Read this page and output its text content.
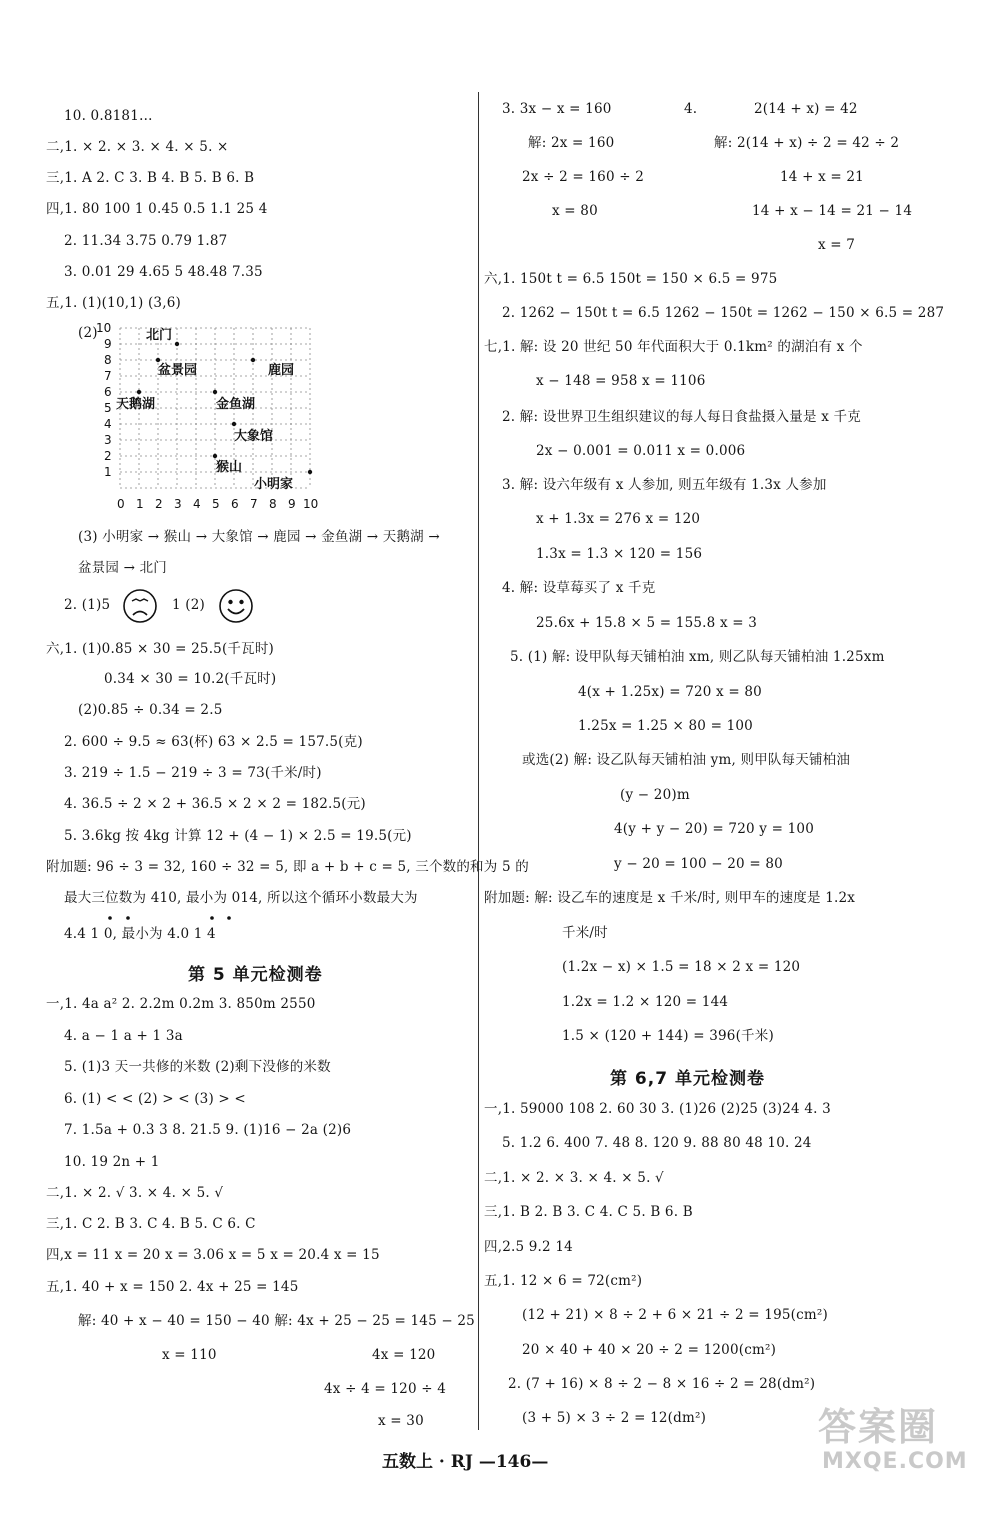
10. 0.8181…
二,1. × 2. × 3. × 4. × 5. ×
三,1. A 2. C 3. B 4. B 5. B 6. B
四,1. 80 100 1 0.45 0.5 1.1 25 4
2. 11.34 3.75 0.79 1.87
3. 0.01 29 4.65 5 48.48 7.35
五,1. (1)(10,1) (3,6)
(2)
(3) 小明家 → 猴山 → 大象馆 → 鹿园 → 金鱼湖 → 天鹅湖 →
盆景园 → 北门
2. (1)5	1 (2)
六,1. (1)0.85 × 30 = 25.5(千瓦时)
0.34 × 30 = 10.2(千瓦时)
(2)0.85 ÷ 0.34 = 2.5
2. 600 ÷ 9.5 ≈ 63(杯) 63 × 2.5 = 157.5(克)
3. 219 ÷ 1.5 − 219 ÷ 3 = 73(千米/时)
4. 36.5 ÷ 2 × 2 + 36.5 × 2 × 2 = 182.5(元)
5. 3.6kg 按 4kg 计算 12 + (4 − 1) × 2.5 = 19.5(元)
附加题: 96 ÷ 3 = 32, 160 ÷ 32 = 5, 即 a + b + c = 5, 三个数的和为 5 的
最大三位数为 410, 最小为 014, 所以这个循环小数最大为
4.4 1 0, 最小为 4.0 1 4
一,1. 4a a² 2. 2.2m 0.2m 3. 850m 2550
4. a − 1 a + 1 3a
5. (1)3 天一共修的米数 (2)剩下没修的米数
6. (1) < < (2) > < (3) > <
7. 1.5a + 0.3 3 8. 21.5 9. (1)16 − 2a (2)6
10. 19 2n + 1
二,1. × 2. √ 3. × 4. × 5. √
三,1. C 2. B 3. C 4. B 5. C 6. C
四,x = 11 x = 20 x = 3.06 x = 5 x = 20.4 x = 15
五,1. 40 + x = 150 2. 4x + 25 = 145
解: 40 + x − 40 = 150 − 40 解: 4x + 25 − 25 = 145 − 25
x = 110	4x = 120
4x ÷ 4 = 120 ÷ 4
x = 30
3. 3x − x = 160	4.	2(14 + x) = 42
解: 2x = 160	解: 2(14 + x) ÷ 2 = 42 ÷ 2
2x ÷ 2 = 160 ÷ 2	14 + x = 21
x = 80	14 + x − 14 = 21 − 14
x = 7
六,1. 150t t = 6.5 150t = 150 × 6.5 = 975
2. 1262 − 150t t = 6.5 1262 − 150t = 1262 − 150 × 6.5 = 287
七,1. 解: 设 20 世纪 50 年代面积大于 0.1km² 的湖泊有 x 个
x − 148 = 958 x = 1106
2. 解: 设世界卫生组织建议的每人每日食盐摄入量是 x 千克
2x − 0.001 = 0.011 x = 0.006
3. 解: 设六年级有 x 人参加, 则五年级有 1.3x 人参加
x + 1.3x = 276 x = 120
1.3x = 1.3 × 120 = 156
4. 解: 设草莓买了 x 千克
25.6x + 15.8 × 5 = 155.8 x = 3
5. (1) 解: 设甲队每天铺柏油 xm, 则乙队每天铺柏油 1.25xm
4(x + 1.25x) = 720 x = 80
1.25x = 1.25 × 80 = 100
或选(2) 解: 设乙队每天铺柏油 ym, 则甲队每天铺柏油
(y − 20)m
4(y + y − 20) = 720 y = 100
y − 20 = 100 − 20 = 80
附加题: 解: 设乙车的速度是 x 千米/时, 则甲车的速度是 1.2x
千米/时
(1.2x − x) × 1.5 = 18 × 2 x = 120
1.2x = 1.2 × 120 = 144
1.5 × (120 + 144) = 396(千米)
一,1. 59000 108 2. 60 30 3. (1)26 (2)25 (3)24 4. 3
5. 1.2 6. 400 7. 48 8. 120 9. 88 80 48 10. 24
二,1. × 2. × 3. × 4. × 5. √
三,1. B 2. B 3. C 4. C 5. B 6. B
四,2.5 9.2 14
五,1. 12 × 6 = 72(cm²)
(12 + 21) × 8 ÷ 2 + 6 × 21 ÷ 2 = 195(cm²)
20 × 40 + 40 × 20 ÷ 2 = 1200(cm²)
2. (7 + 16) × 8 ÷ 2 − 8 × 16 ÷ 2 = 28(dm²)
(3 + 5) × 3 ÷ 2 = 12(dm²)
第 5 单元检测卷
第 6,7 单元检测卷
10
9
8
7
6
5
4
3
2
1
0 1 2 3 4 5 6 7 8 9 10
北门
盆景园	鹿园
天鹅湖	金鱼湖
大象馆
猴山
小明家
五数上 · RJ —146—
答案圈
MXQE.COM
